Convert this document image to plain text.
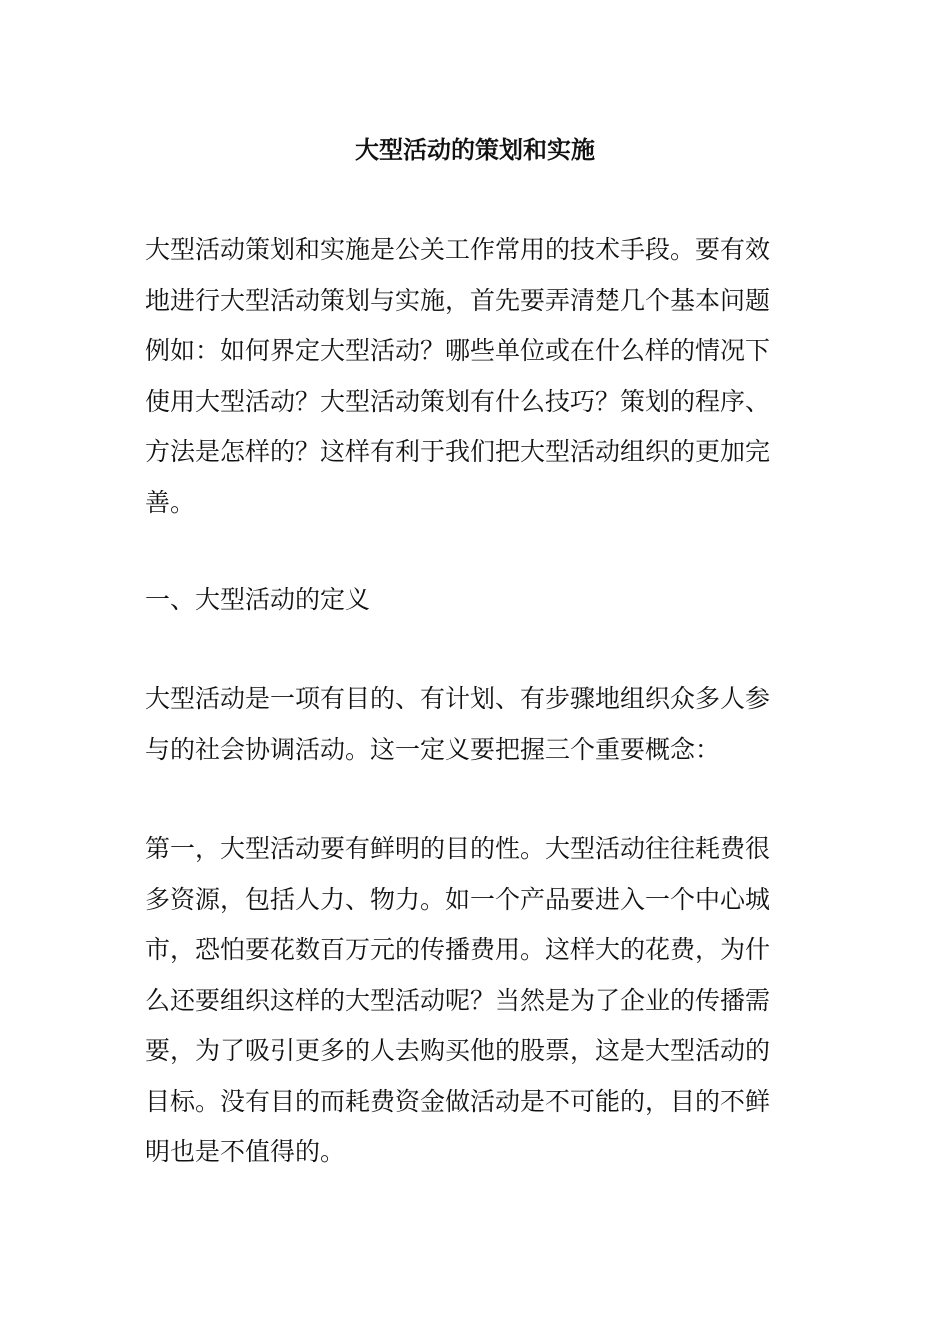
大型活动的策划和实施
大型活动策划和实施是公关工作常用的技术手段。要有效
地进行大型活动策划与实施，首先要弄清楚几个基本问题
例如：如何界定大型活动？哪些单位或在什么样的情况下
使用大型活动？大型活动策划有什么技巧？策划的程序、
方法是怎样的？这样有利于我们把大型活动组织的更加完
善。
一、大型活动的定义
大型活动是一项有目的、有计划、有步骤地组织众多人参
与的社会协调活动。这一定义要把握三个重要概念：
第一，大型活动要有鲜明的目的性。大型活动往往耗费很
多资源，包括人力、物力。如一个产品要进入一个中心城
市，恐怕要花数百万元的传播费用。这样大的花费，为什
么还要组织这样的大型活动呢？当然是为了企业的传播需
要，为了吸引更多的人去购买他的股票，这是大型活动的
目标。没有目的而耗费资金做活动是不可能的，目的不鲜
明也是不值得的。
